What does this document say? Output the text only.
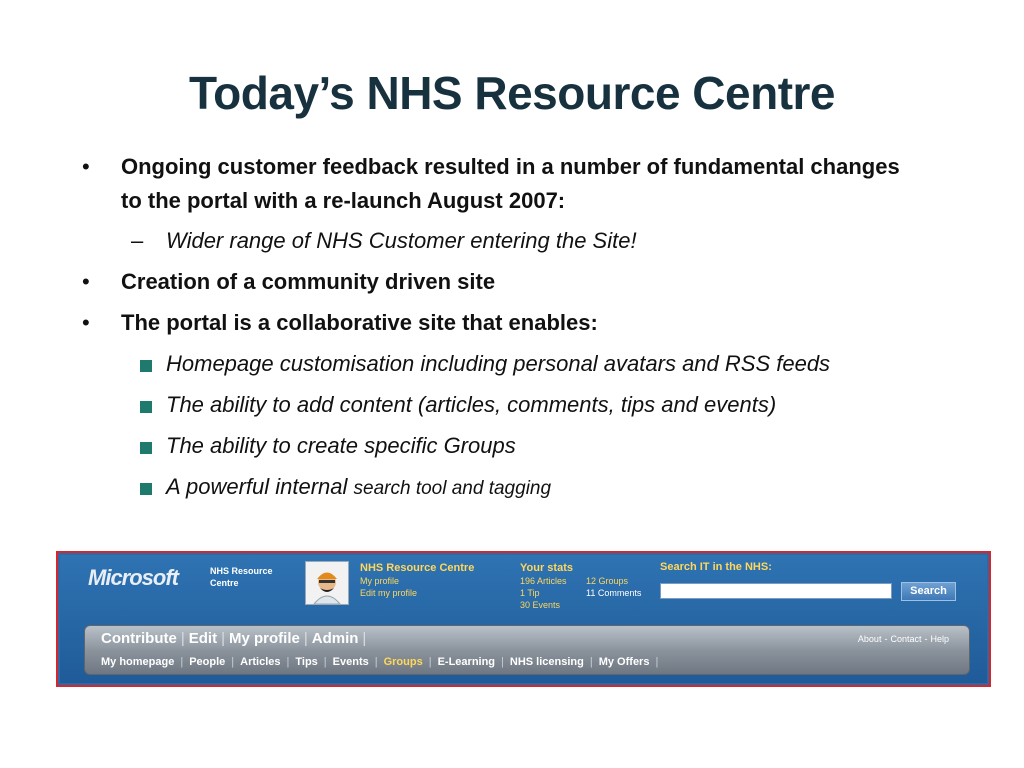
Today’s NHS Resource Centre
• Ongoing customer feedback resulted in a number of fundamental changes to the portal with a re-launch August 2007:
– Wider range of NHS Customer entering the Site!
• Creation of a community driven site
• The portal is a collaborative site that enables:
Homepage customisation including personal avatars and RSS feeds
The ability to add content (articles, comments, tips and events)
The ability to create specific Groups
A powerful internal search tool and tagging
Microsoft	NHS Resource Centre
NHS Resource Centre
My profile
Edit my profile
Your stats
196 Articles
1 Tip
30 Events
12 Groups
11 Comments
Search IT in the NHS:
Search
Contribute | Edit | My profile | Admin |	About - Contact - Help
My homepage | People | Articles | Tips | Events | Groups | E-Learning | NHS licensing | My Offers |
